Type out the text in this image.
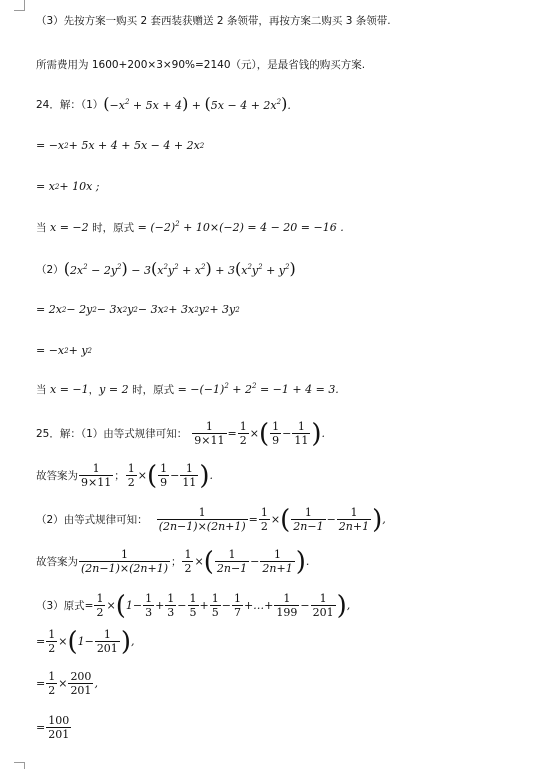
（3）先按方案一购买 2 套西装获赠送 2 条领带，再按方案二购买 3 条领带.
所需费用为 1600+200×3×90%=2140（元），是最省钱的购买方案.
24．解：（1） $(-x^2 + 5x + 4) + (5x - 4 + 2x^2)$.
= −x 2 + 5x + 4 + 5x − 4 + 2x 2
= x 2 + 10x ;
当
x
= −2
时，原式 = $(-2)^2 + 10\times(-2) = 4 - 20 = -16$ .
（2） $(2x^2 - 2y^2) - 3(x^2y^2 + x^2) + 3(x^2y^2 + y^2)$
= 2x 2 − 2y 2 − 3x 2 y 2 − 3x 2 + 3x 2 y 2 + 3y 2
= −x 2 + y 2
当
x = −1 ， y = 2
时，原式 = $-(-1)^2 + 2^2 = -1 + 4 = 3$.
25．解：（1）由等式规律可知： $\frac{1}{9\times 11} = \frac{1}{2}$ × ( $\frac{1}{9} - \frac{1}{11}$ ) .
故答案为 $\frac{1}{9\times 11}$ ； $\frac{1}{2}$ × ( $\frac{1}{9} - \frac{1}{11}$ ) .
（2）由等式规律可知： $\frac{1}{(2n-1)\times(2n+1)} = \frac{1}{2}$ × ( $\frac{1}{2n-1} - \frac{1}{2n+1}$ ) ,
故答案为 $\frac{1}{(2n-1)\times(2n+1)}$ ； $\frac{1}{2}$ × ( $\frac{1}{2n-1} - \frac{1}{2n+1}$ ) .
（3）原式= $\frac{1}{2}$ × ( $1- \frac{1}{3} + \frac{1}{3} - \frac{1}{5} + \frac{1}{5} - \frac{1}{7}$ +…+ $\frac{1}{199} - \frac{1}{201}$ ) ,
= $\frac{1}{2}$ × ( $1- \frac{1}{201}$ ) ,
= $\frac{1}{2} \times \frac{200}{201}$ ,
= $\frac{100}{201}$
